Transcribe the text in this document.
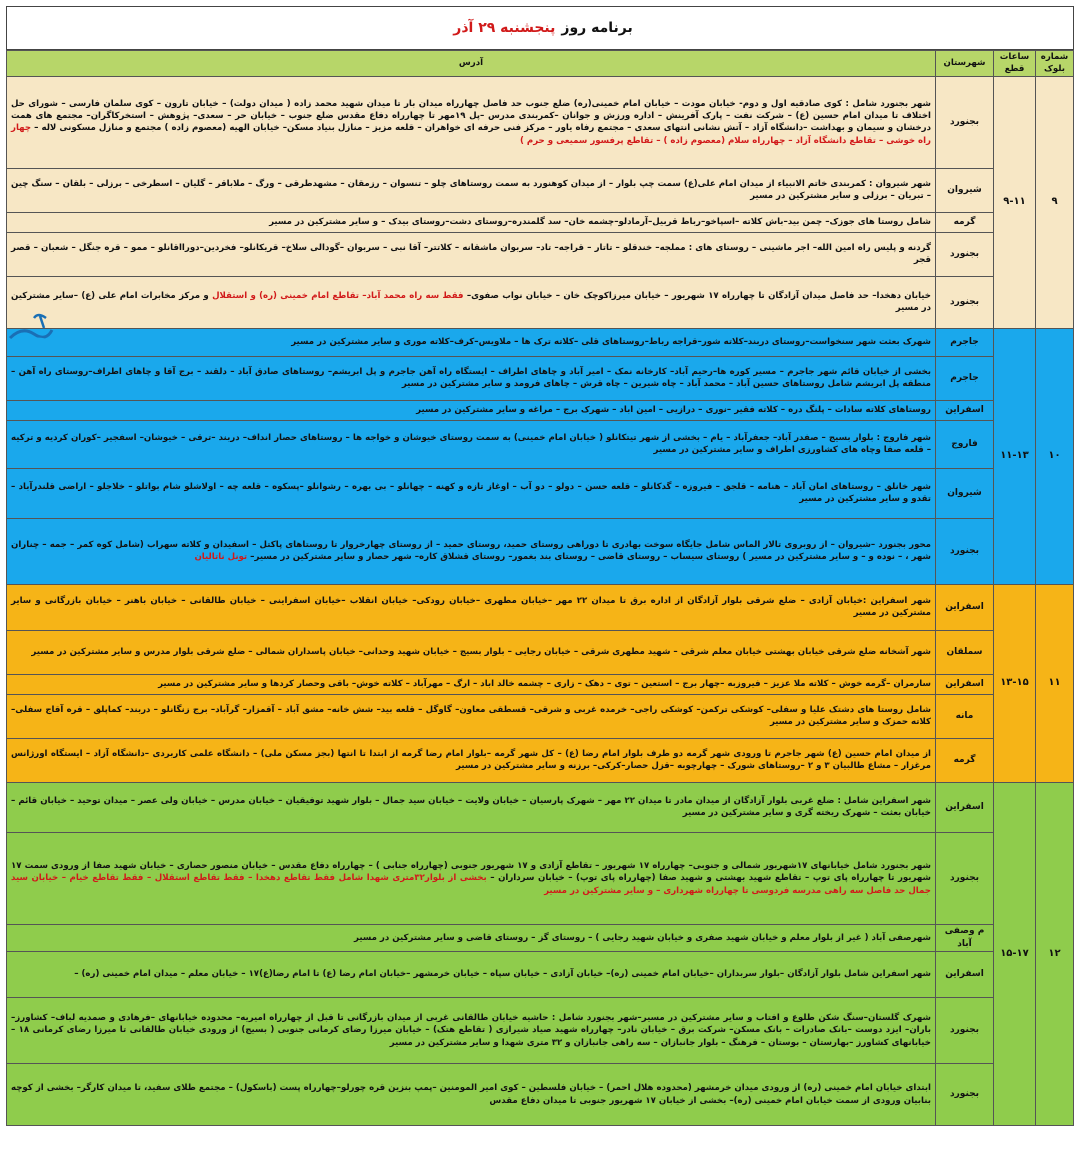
برنامه روز
پنجشنبه ۲۹ آذر
شماره بلوک	ساعات قطع	شهرستان	آدرس
۹	۹-۱۱	بجنورد	شهر بجنورد شامل : کوی صادقیه اول و دوم- خیابان مودت – خیابان امام خمینی(ره) ضلع جنوب حد فاصل چهارراه میدان بار تا میدان شهید محمد زاده ( میدان دولت) – خیابان تارون – کوی سلمان فارسی – شورای حل اختلاف تا میدان امام حسین (ع) – شرکت نفت – پارک آفرینش – اداره ورزش و جوانان –کمربندی مدرس –پل ۱۹مهر تا چهارراه دفاع مقدس ضلع جنوب – خیابان حر – سعدی– پژوهش – استخرکاگران– مجتمع های همت درخشان و سیمان و بهداشت –دانشگاه آزاد – آتش نشانی انتهای سعدی – مجتمع رفاه یاور – مرکز فنی حرفه ای خواهران – قلعه مزیز – منازل بنیاد مسکن– خیابان الهیه (معصوم زاده ) مجتمع و منازل مسکونی لاله – چهار راه خوشی – تقاطع دانشگاه آزاد – چهارراه سلام (معصوم زاده ) – تقاطع پرفسور سمیعی و حرم )
		شیروان	شهر شیروان : کمربندی خاتم الانبیاء از میدان امام علی(ع) سمت چپ بلوار – از میدان کوهنورد به سمت روستاهای چلو – تنسوان – رزمقان – مشهدطرقی – ورگ – ملاباقر – گلیان – اسطرخی – برزلی – بلقان – سنگ چین – تبریان – برزلی و سایر مشترکین در مسیر
		گرمه	شامل روستا های جوزک– چمن بید–باش کلاته –اسپاخو–رباط قربیل–آرمادلو–چشمه خان– سد گلمندره–روستای دشت–روستای بیدک – و سایر مشترکین در مسیر
		بجنورد	گردنه و پلیس راه امین الله– اجر ماشینی – روستای های : مملجه– خندقلو – تاتار – قراجه– تاد– سربوان ماشقانه – کلاتتر– آقا نبی – سربوان –گودالی سلاخ– قریکانلو– فخردین–دورااقانلو – ممو – قره جنگل – شعبان – قصر قجر
		بجنورد	خیابان دهخدا– حد فاصل میدان آزادگان تا چهارراه ۱۷ شهریور – خیابان میرزاکوچک خان – خیابان نواب صفوی– فقط سه راه محمد آباد– تقاطع امام خمینی (ره) و استقلال و مرکز مخابرات امام علی (ع) –سایر مشترکین در مسیر
۱۰	۱۱-۱۳	جاجرم	شهرک بعثت شهر سنخواست–روستای دربند–کلاته شور–قراجه رباط–روستاهای قلی –کلاته ترک ها – ملاویس–کرف–کلاته موری و سایر مشترکین در مسیر
		جاجرم	بخشی از خیابان قائم شهر جاجرم – مسیر کوره ها–رحیم آباد– کارخانه نمک – امیر آباد و چاهای اطراف – ایستگاه راه آهن جاجرم و پل ابریشم– روستاهای صادق آباد – دلقند – برج آقا و چاهای اطراف–روستای راه آهن –منطقه پل ابریشم شامل روستاهای حسین آباد – محمد آباد – چاه شیرین – چاه قرش – چاهای فرومد و سایر مشترکین در مسیر
		اسفراین	روستاهای کلاته سادات – پلنگ دره – کلاته فقیر –نوری – درازیی – امین اباد – شهرک برج – مراغه و سایر مشترکین در مسیر
		فاروج	شهر فاروج : بلوار بسیج – صفدر آباد– جعفرآباد – یام – بخشی از شهر تیتکانلو ( خیابان امام خمینی) به سمت روستای خیوشان و خواجه ها – روستاهای حصار انداف– دربند –ترقی – خیوشان– اسفجیر –کوران کردیه و ترکیه – قلعه صفا وچاه های کشاورزی اطراف و سایر مشترکین در مسیر
		شیروان	شهر خانلق – روستاهای امان آباد – هنامه – قلجق – فیروزه – گدکانلو – قلعه حسن – دولو – دو آب – اوغاز تازه و کهنه – چهانلو – بی بهره – رشوانلو –پسکوه – قلعه چه – اولاشلو شام بواتلو – خلاجلو – اراضی قلندرآباد – تقدو و سایر مشترکین در مسیر
		بجنورد	محور بجنورد –شیروان – از روبروی تالار الماس شامل جایگاه سوخت بهادری تا دوراهی روستای حمید، روستای حمید – از روستای چهارخروار تا روستاهای پاکتل – اسفیدان و کلاته سهراب (شامل کوه کمر – جمه – چناران شهر ، – نوده و – و سایر مشترکین در مسیر ) روستای سیساب – روستای قاضی – روستای بند بغمور– روستای قشلاق کاره– شهر حصار و سایر مشترکین در مسیر– تونل ناتالیان
۱۱	۱۳-۱۵	اسفراین	شهر اسفراین :خیابان آزادی – ضلع شرقی بلوار آزادگان از اداره برق تا میدان ۲۲ مهر –خیابان مطهری –خیابان رودکی– خیابان انقلاب –خیابان اسفراینی – خیابان طالقانی – خیابان باهنر – خیابان بازرگانی و سایر مشترکین در مسیر
		سملقان	شهر آشخانه ضلع شرقی خیابان بهشتی خیابان معلم شرقی – شهید مطهری شرقی – خیابان رجایی – بلوار بسیج – خیابان شهید وحدانی– خیابان پاسداران شمالی – ضلع شرقی بلوار مدرس و سایر مشترکین در مسیر
		اسفراین	سارمران –گرمه خوش – کلاته ملا عزیز – فیروزبه –چهار برج – استعین – توی – دهک – زاری – چشمه خالد اباد – ارگ – مهرآباد – کلاته خوش– باقی وحصار کردها و سایر مشترکین در مسیر
		مانه	شامل روستا های دشتک علیا و سفلی– کوشکی ترکمن– کوشکی راجی– خرمده غربی و شرقی– قسطقی معاون– گاوگل – قلعه بید– شش خانه– مشق آباد – آقمزار– گرآباد– برج زنگانلو – دربند– کماپلق – قره آقاج سفلی– کلاته حمزک و سایر مشترکین در مسیر
		گرمه	از میدان امام حسین (ع) شهر جاجرم تا ورودی شهر گرمه دو طرف بلوار امام رضا (ع) – کل شهر گرمه –بلوار امام رضا گرمه از ابتدا تا انتها (بجز مسکن ملی) – دانشگاه علمی کاربردی –دانشگاه آزاد – ایستگاه اورژانس مرغزار – مشاع طالبیان ۳ و ۲ –روستاهای شورک – چهارچوبه –قزل حصار–کرکی– برزنه و سایر مشترکین در مسیر
۱۲	۱۵-۱۷	اسفراین	شهر اسفراین شامل : ضلع غربی بلوار آزادگان از میدان مادر تا میدان ۲۲ مهر – شهرک پارسیان – خیابان ولایت – خیابان سید جمال – بلوار شهید توفیقیان – خیابان مدرس – خیابان ولی عصر – میدان توحید – خیابان قائم – خیابان بعثت – شهرک ریخته گری و سایر مشترکین در مسیر
		بجنورد	شهر بجنورد شامل خیابانهای ۱۷شهریور شمالی و جنوبی– چهارراه ۱۷ شهریور – تقاطع آزادی و ۱۷ شهریور جنوبی (چهارراه جنابی ) – چهارراه دفاع مقدس – خیابان منصور حصاری – خیابان شهید صفا از ورودی سمت ۱۷ شهریور تا چهارراه پای توپ – تقاطع شهید بهشتی و شهید صفا (چهارراه پای توپ) – خیابان سرداران – بخشی از بلوار۳۲متری شهدا شامل فقط تقاطع دهخدا – فقط تقاطع استقلال – فقط تقاطع خیام – خیابان سید جمال حد فاصل سه راهی مدرسه فردوسی تا چهارراه شهرداری – و سایر مشترکین در مسیر
		م وصفی آباد	شهرصفی آباد ( غیر از بلوار معلم و خیابان شهید صفری و خیابان شهید رجایی ) – روستای گز – روستای قاضی و سایر مشترکین در مسیر
		اسفراین	شهر اسفراین شامل بلوار آزادگان –بلوار سربداران –خیابان امام خمینی (ره)– خیابان آزادی – خیابان سپاه – خیابان خرمشهر –خیابان امام رضا (ع) تا امام رضا(ع)۱۷ – خیابان معلم – میدان امام خمینی (ره) –
		بجنورد	شهرک گلستان–سنگ شکن طلوع و افتاب و سایر مشترکین در مسیر–شهر بجنورد شامل : حاشیه خیابان طالقانی غربی از میدان بازرگانی تا قبل از چهارراه امیریه– محدوده خیابانهای –فرهادی و صمدیه لباف– کشاورز–باران– ایزد دوست –بانک صادرات – بانک مسکن– شرکت برق – خیابان نادر– چهارراه شهید صیاد شیرازی ( تقاطع هتک) – خیابان میرزا رضای کرمانی جنوبی ( بسیج) از ورودی خیابان طالقانی تا میرزا رضای کرمانی ۱۸ – خیابانهای کشاورز –بهارستان – بوستان – فرهنگ – بلوار جانبازان – سه راهی جانبازان و ۳۲ متری شهدا و سایر مشترکین در مسیر
		بجنورد	ابتدای خیابان امام خمینی (ره) از ورودی میدان خرمشهر (محدوده هلال احمر) – خیابان فلسطین – کوی امیر المومنین –پمپ بنزین قره چورلو–چهارراه پست (باسکول) – مجتمع طلای سفید، تا میدان کارگر– بخشی از کوچه بنابیان ورودی از سمت خیابان امام خمینی (ره)– بخشی از خیابان ۱۷ شهریور جنوبی تا میدان دفاع مقدس
